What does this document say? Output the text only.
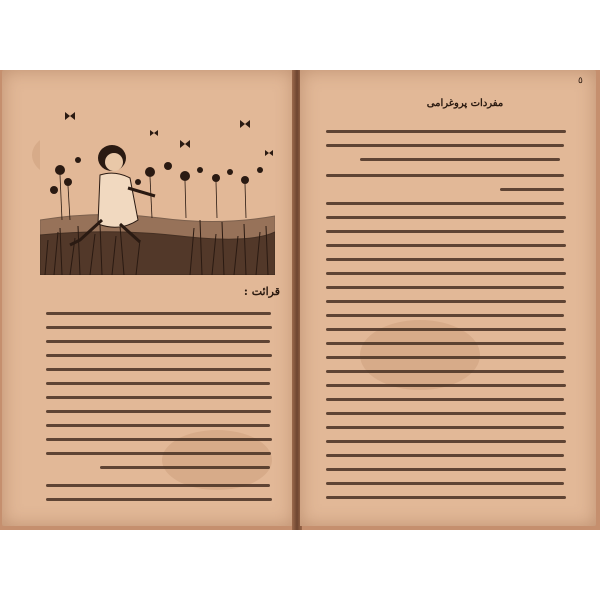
قرائت :
٥
مفردات پروغرامی
